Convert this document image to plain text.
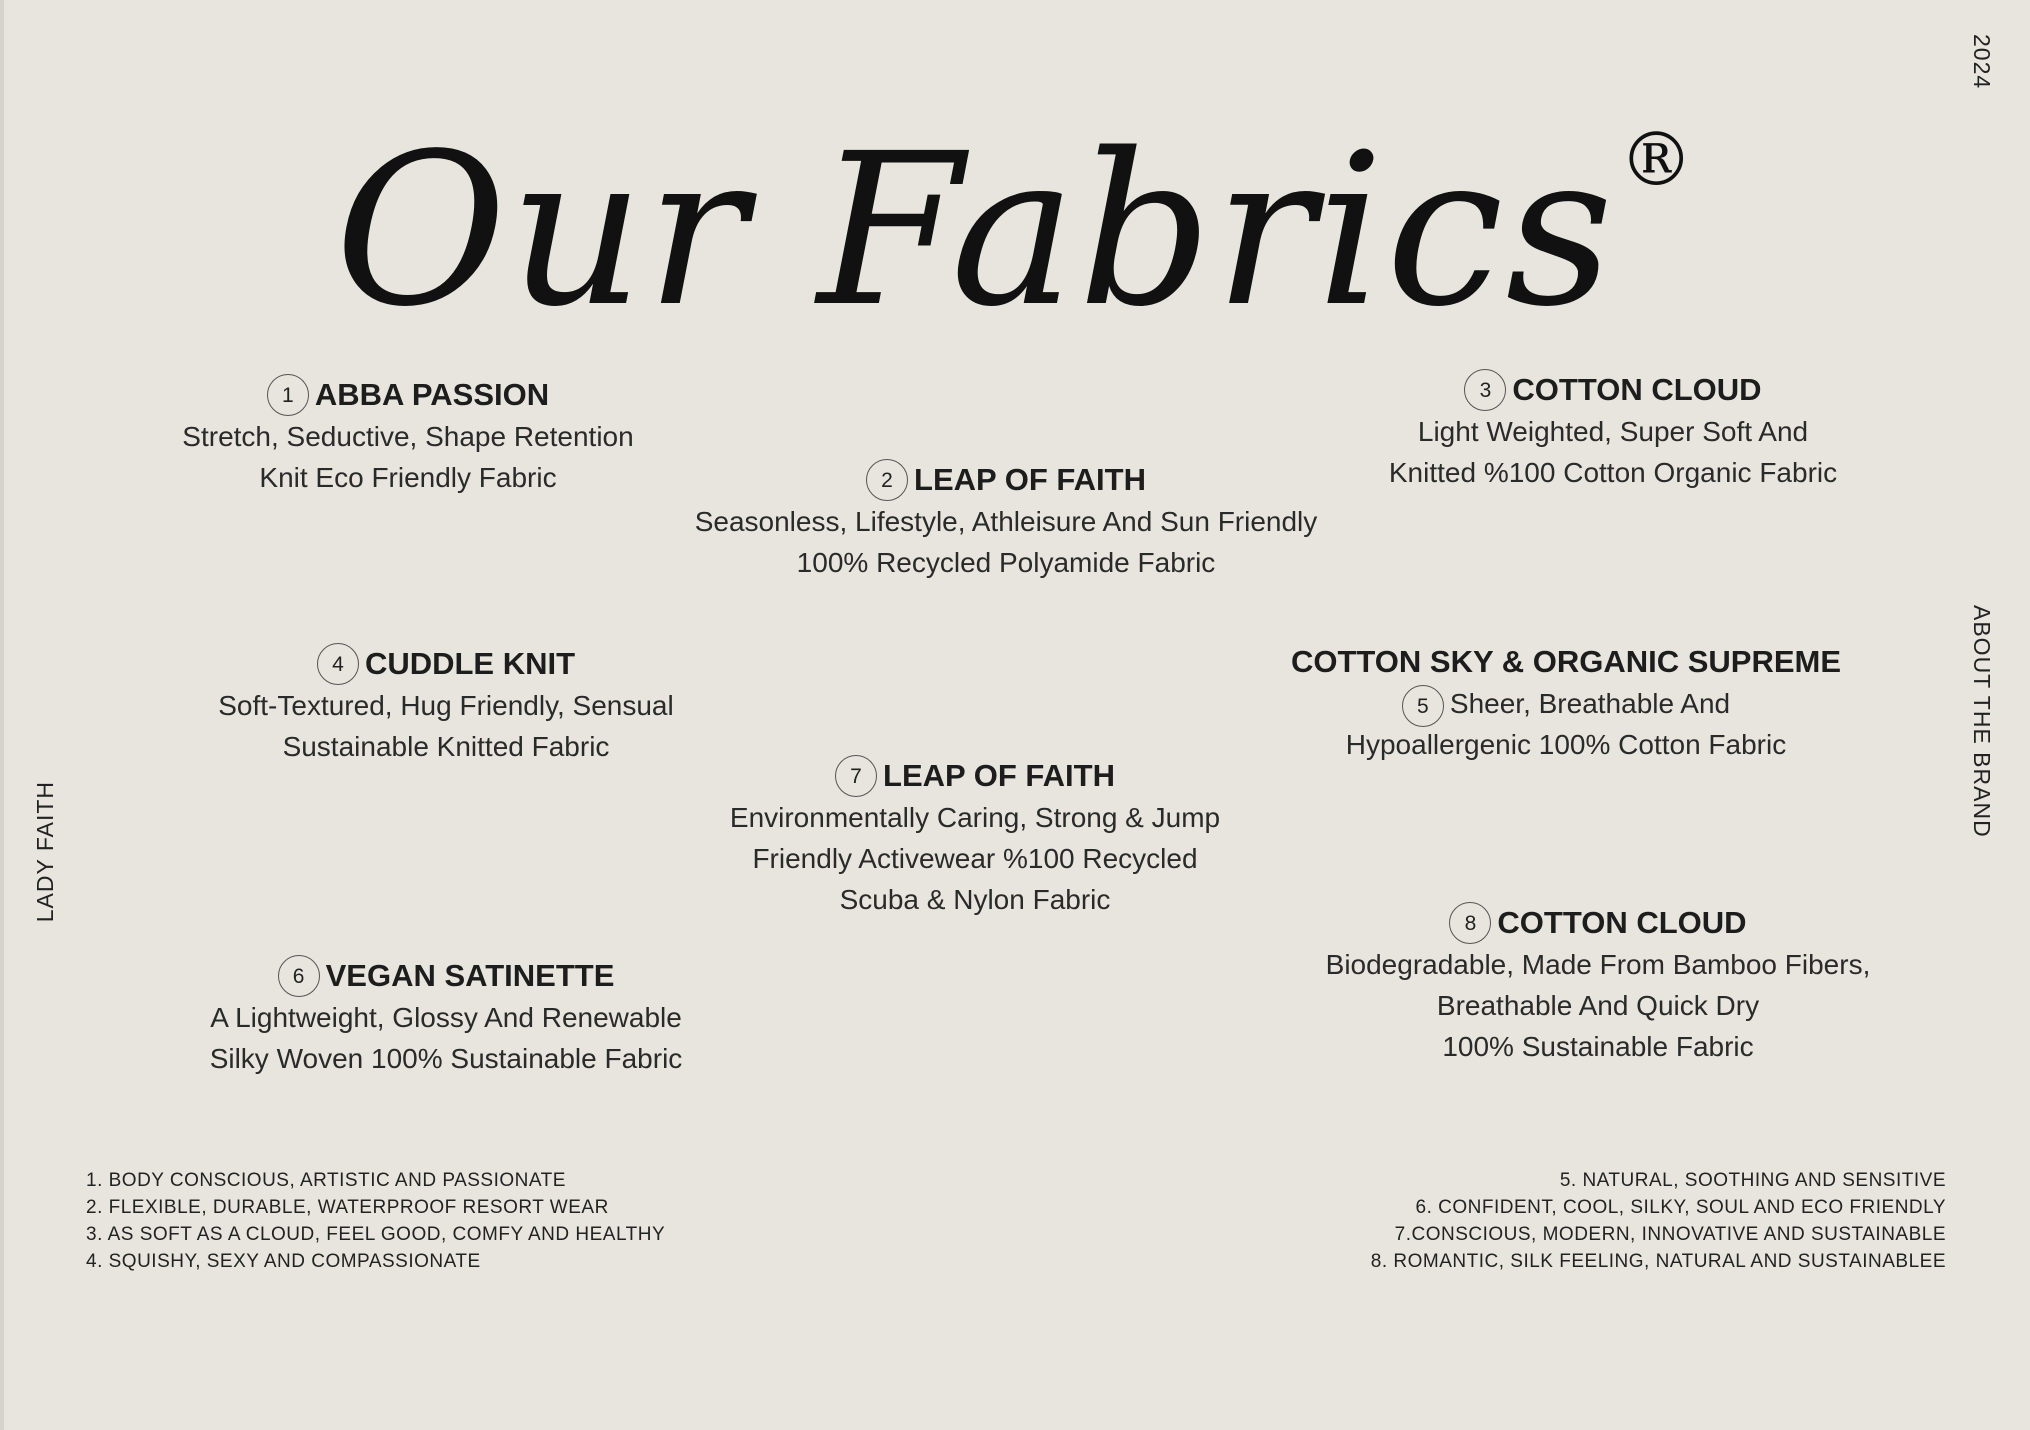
Our Fabrics®
2024
ABOUT THE BRAND
LADY FAITH
1 ABBA PASSION
Stretch, Seductive, Shape Retention
Knit Eco Friendly Fabric	2 LEAP OF FAITH
Seasonless, Lifestyle, Athleisure And Sun Friendly
100% Recycled Polyamide Fabric
3 COTTON CLOUD
Light Weighted, Super Soft And
Knitted %100 Cotton Organic Fabric
4 CUDDLE KNIT
Soft-Textured, Hug Friendly, Sensual
Sustainable Knitted Fabric
COTTON SKY & ORGANIC SUPREME
5 Sheer, Breathable And
Hypoallergenic 100% Cotton Fabric
6 VEGAN SATINETTE
A Lightweight, Glossy And Renewable
Silky Woven 100% Sustainable Fabric
7 LEAP OF FAITH
Environmentally Caring, Strong & Jump
Friendly Activewear %100 Recycled
Scuba & Nylon Fabric
8 COTTON CLOUD
Biodegradable, Made From Bamboo Fibers,
Breathable And Quick Dry
100% Sustainable Fabric
1. BODY CONSCIOUS, ARTISTIC AND PASSIONATE
2. FLEXIBLE, DURABLE, WATERPROOF RESORT WEAR
3. AS SOFT AS A CLOUD, FEEL GOOD, COMFY AND HEALTHY
4. SQUISHY, SEXY AND COMPASSIONATE
5. NATURAL, SOOTHING AND SENSITIVE
6. CONFIDENT, COOL, SILKY, SOUL AND ECO FRIENDLY
7.CONSCIOUS, MODERN, INNOVATIVE AND SUSTAINABLE
8. ROMANTIC, SILK FEELING, NATURAL AND SUSTAINABLEE
